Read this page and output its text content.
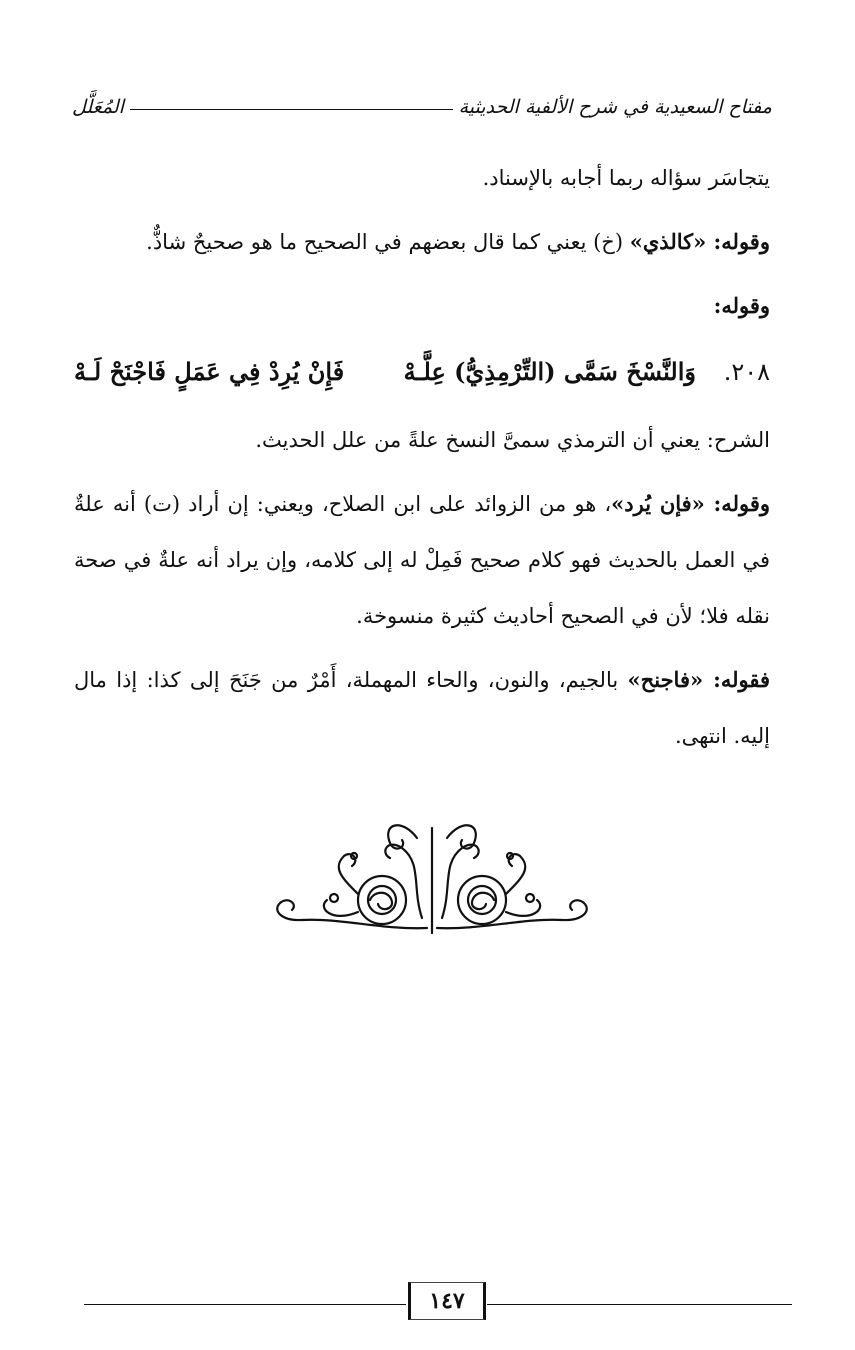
مفتاح السعيدية في شرح الألفية الحديثية
المُعَلَّل

يتجاسَر سؤاله ربما أجابه بالإسناد.

وقوله: «كالذي» (خ) يعني كما قال بعضهم في الصحيح ما هو صحيحٌ شاذٌّ.

وقوله:

٢٠٨.
وَالنَّسْخَ سَمَّى (التِّرْمِذِيُّ) عِلَّـهْ
فَإِنْ يُرِدْ فِي عَمَلٍ فَاجْنَحْ لَـهْ

الشرح: يعني أن الترمذي سمىَّ النسخ علةً من علل الحديث.

وقوله: «فإن يُرد»، هو من الزوائد على ابن الصلاح، ويعني: إن أراد (ت) أنه علةٌ في العمل بالحديث فهو كلام صحيح فَمِلْ له إلى كلامه، وإن يراد أنه علةٌ في صحة نقله فلا؛ لأن في الصحيح أحاديث كثيرة منسوخة.

فقوله: «فاجنح» بالجيم، والنون، والحاء المهملة، أَمْرٌ من جَنَحَ إلى كذا: إذا مال إليه. انتهى.

١٤٧
